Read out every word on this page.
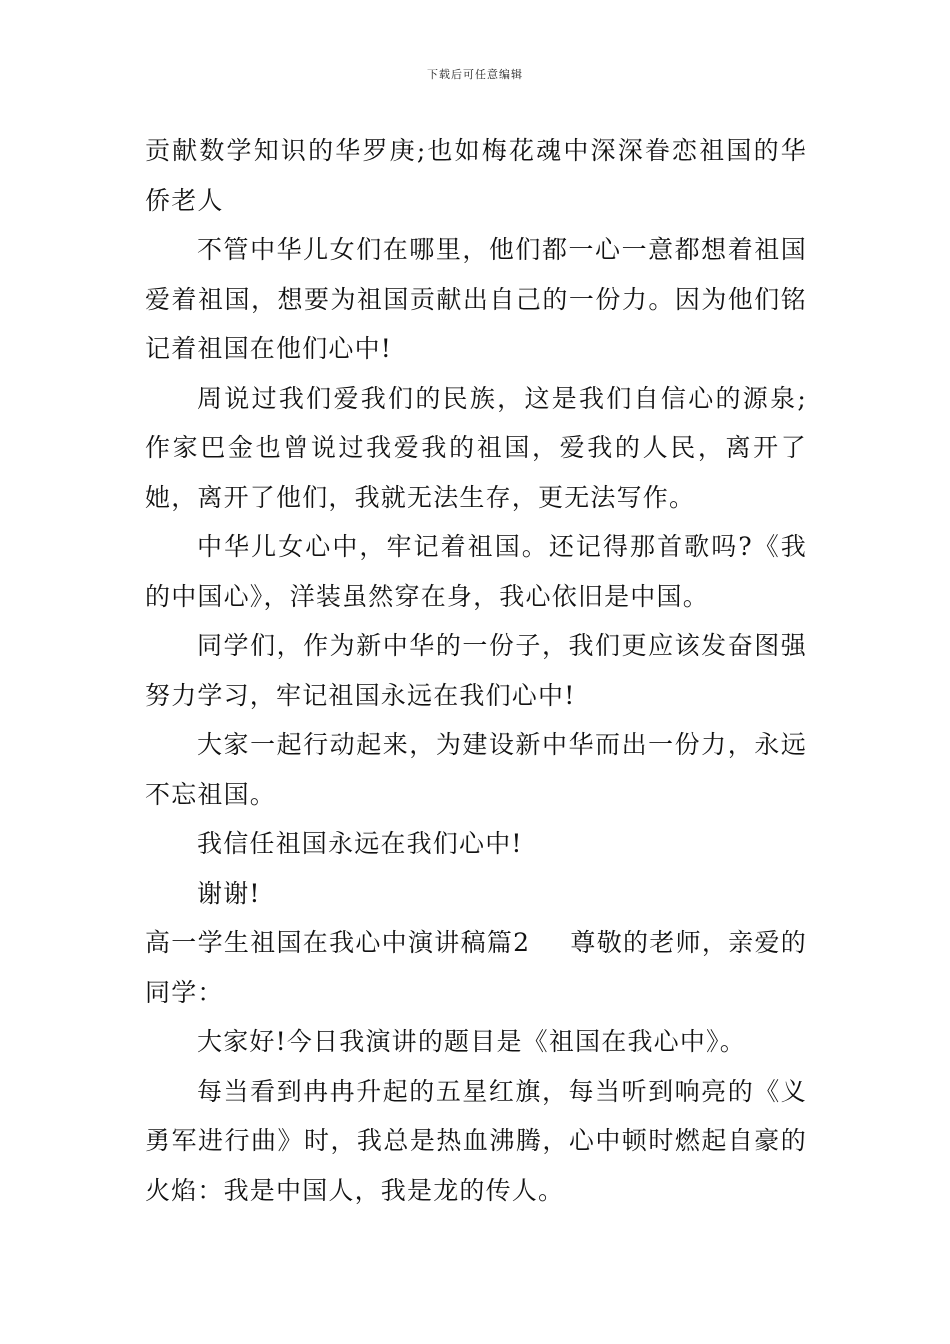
下载后可任意编辑

贡献数学知识的华罗庚;也如梅花魂中深深眷恋祖国的华侨老人

不管中华儿女们在哪里，他们都一心一意都想着祖国爱着祖国，想要为祖国贡献出自己的一份力。因为他们铭记着祖国在他们心中!

周说过我们爱我们的民族，这是我们自信心的源泉;作家巴金也曾说过我爱我的祖国，爱我的人民，离开了她，离开了他们，我就无法生存，更无法写作。

中华儿女心中，牢记着祖国。还记得那首歌吗?《我的中国心》，洋装虽然穿在身，我心依旧是中国。

同学们，作为新中华的一份子，我们更应该发奋图强努力学习，牢记祖国永远在我们心中!

大家一起行动起来，为建设新中华而出一份力，永远不忘祖国。

我信任祖国永远在我们心中!

谢谢!

高一学生祖国在我心中演讲稿篇2 尊敬的老师，亲爱的同学：

大家好!今日我演讲的题目是《祖国在我心中》。

每当看到冉冉升起的五星红旗，每当听到响亮的《义勇军进行曲》时，我总是热血沸腾，心中顿时燃起自豪的火焰：我是中国人，我是龙的传人。
